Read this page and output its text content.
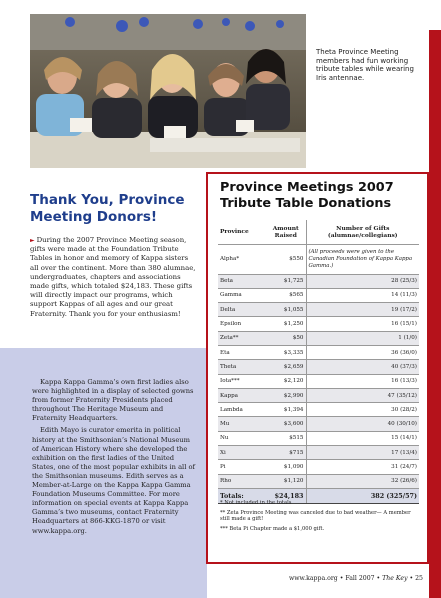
Theta Province Meeting members had fun working tribute tables while wearing Iris antennae.
Thank You, Province Meeting Donors!
► During the 2007 Province Meeting season, gifts were made at the Foundation Tribute Tables in honor and memory of Kappa sisters all over the continent. More than 380 alumnae, undergraduates, chapters and associations made gifts, which totaled $24,183. These gifts will directly impact our programs, which support Kappas of all ages and our great Fraternity. Thank you for your enthusiasm!

Kappa Kappa Gamma’s own first ladies also were highlighted in a display of selected gowns from former Fraternity Presidents placed throughout The Heritage Museum and Fraternity Headquarters.

Edith Mayo is curator emerita in political history at the Smithsonian’s National Museum of American History where she developed the exhibition on the first ladies of the United States, one of the most popular exhibits in all of the Smithsonian museums. Edith serves as a Member-at-Large on the Kappa Kappa Gamma Foundation Museums Committee. For more information on special events at Kappa Kappa Gamma’s two museums, contact Fraternity Headquarters at 866-KKG-1870 or visit www.kappa.org.

Province Meetings 2007
Tribute Table Donations
Province	Amount Raised	Number of Gifts (alumnae/collegians)
Alpha*	$550	(All proceeds were given to the Canadian Foundation of Kappa Kappa Gamma.)
Beta	$1,725	28 (25/3)
Gamma	$565	14 (11/3)
Delta	$1,055	19 (17/2)
Epsilon	$1,250	16 (15/1)
Zeta**	$50	1 (1/0)
Eta	$3,335	36 (36/0)
Theta	$2,659	40 (37/3)
Iota***	$2,120	16 (13/3)
Kappa	$2,990	47 (35/12)
Lambda	$1,394	30 (28/2)
Mu	$3,600	40 (30/10)
Nu	$515	15 (14/1)
Xi	$715	17 (13/4)
Pi	$1,090	31 (24/7)
Rho	$1,120	32 (26/6)
Totals:	$24,183	382 (325/57)

* Not included in the totals

** Zeta Province Meeting was canceled due to bad weather— A member still made a gift!

*** Beta Pi Chapter made a $1,000 gift.

www.kappa.org • Fall 2007 • The Key • 25
